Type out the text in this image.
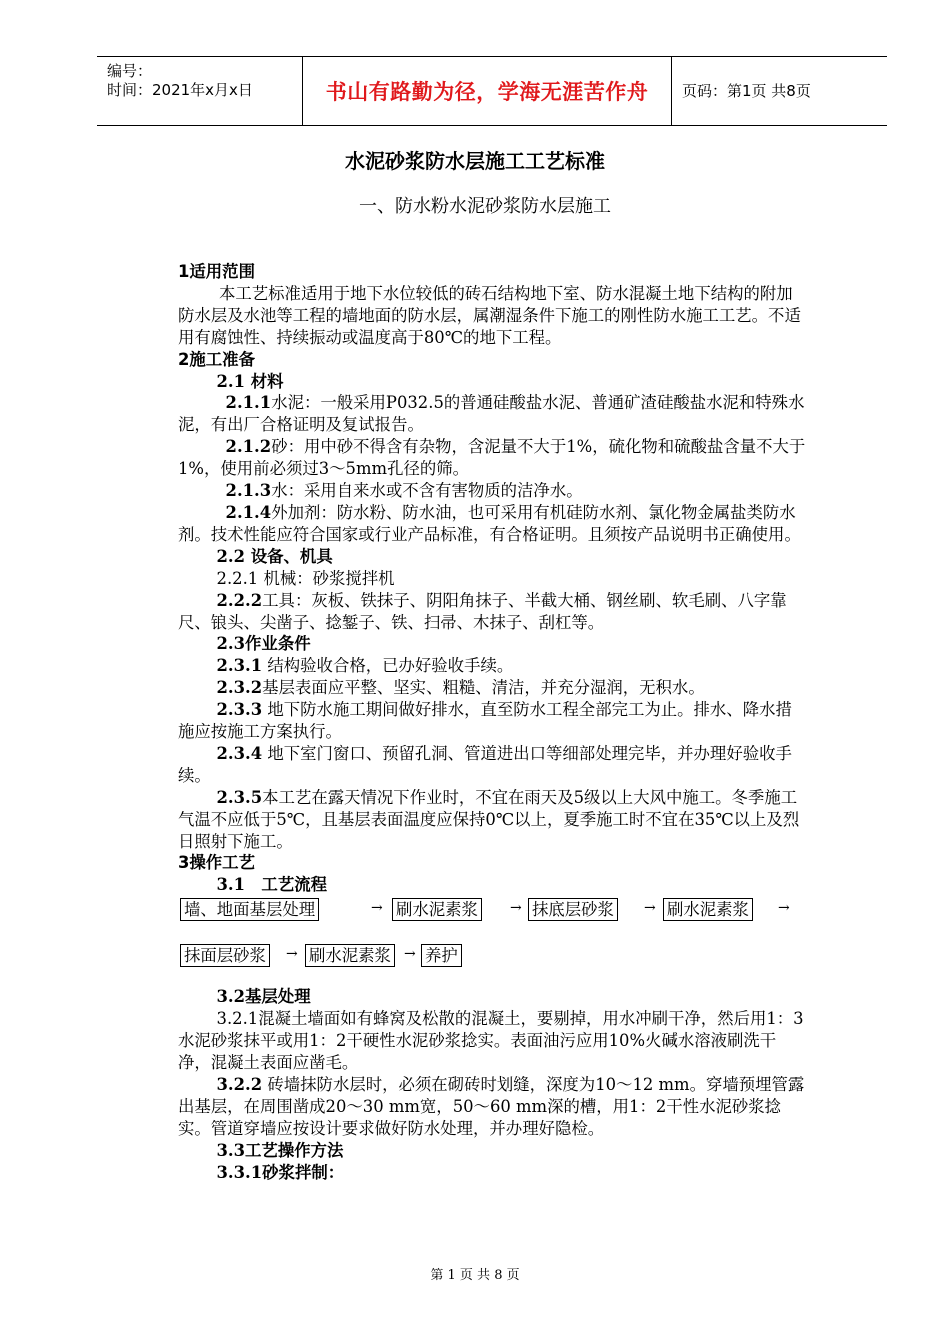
编号：
时间：2021年x月x日	书山有路勤为径，学海无涯苦作舟	页码：第1页 共8页
水泥砂浆防水层施工工艺标准
一、防水粉水泥砂浆防水层施工

1适用范围

本工艺标准适用于地下水位较低的砖石结构地下室、防水混凝土地下结构的附加防水层及水池等工程的墙地面的防水层，属潮湿条件下施工的刚性防水施工工艺。不适用有腐蚀性、持续振动或温度高于80℃的地下工程。

2施工准备

2.1 材料

2.1.1水泥：一般采用P032.5的普通硅酸盐水泥、普通矿渣硅酸盐水泥和特殊水泥，有出厂合格证明及复试报告。

2.1.2砂：用中砂不得含有杂物，含泥量不大于1%，硫化物和硫酸盐含量不大于1%，使用前必须过3～5mm孔径的筛。

2.1.3水：采用自来水或不含有害物质的洁净水。

2.1.4外加剂：防水粉、防水油，也可采用有机硅防水剂、氯化物金属盐类防水剂。技术性能应符合国家或行业产品标准，有合格证明。且须按产品说明书正确使用。

2.2 设备、机具

2.2.1 机械：砂浆搅拌机

2.2.2工具：灰板、铁抹子、阴阳角抹子、半截大桶、钢丝刷、软毛刷、八字靠尺、锒头、尖凿子、捻錾子、铁、扫帚、木抹子、刮杠等。

2.3作业条件

2.3.1 结构验收合格，已办好验收手续。

2.3.2基层表面应平整、坚实、粗糙、清洁，并充分湿润，无积水。

2.3.3 地下防水施工期间做好排水，直至防水工程全部完工为止。排水、降水措施应按施工方案执行。

2.3.4 地下室门窗口、预留孔洞、管道进出口等细部处理完毕，并办理好验收手续。

2.3.5本工艺在露天情况下作业时，不宜在雨天及5级以上大风中施工。冬季施工气温不应低于5℃，且基层表面温度应保持0℃以上，夏季施工时不宜在35℃以上及烈日照射下施工。

3操作工艺

3.1　工艺流程

墙、地面基层处理	→ 刷水泥素浆 → 抹底层砂浆 → 刷水泥素浆 →
抹面层砂浆 → 刷水泥素浆 → 养护

3.2基层处理

3.2.1混凝土墙面如有蜂窝及松散的混凝土，要剔掉，用水冲刷干净，然后用1：3水泥砂浆抹平或用1：2干硬性水泥砂浆捻实。表面油污应用10%火碱水溶液刷洗干净，混凝土表面应凿毛。

3.2.2 砖墙抹防水层时，必须在砌砖时划缝，深度为10～12 mm。穿墙预埋管露出基层，在周围凿成20～30 mm宽，50～60 mm深的槽，用1：2干性水泥砂浆捻实。管道穿墙应按设计要求做好防水处理，并办理好隐检。

3.3工艺操作方法

3.3.1砂浆拌制：

第 1 页 共 8 页
